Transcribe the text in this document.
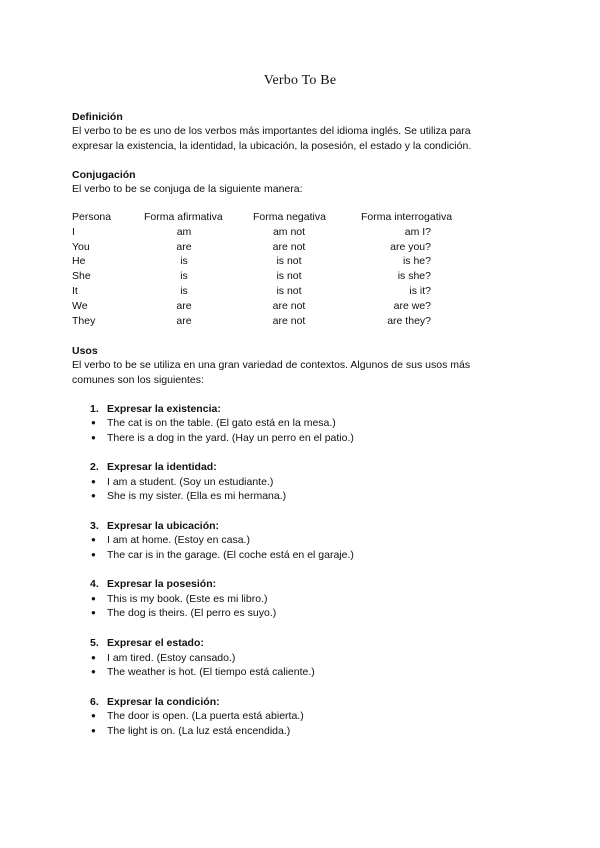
Verbo To Be
Definición
El verbo to be es uno de los verbos más importantes del idioma inglés. Se utiliza para
expresar la existencia, la identidad, la ubicación, la posesión, el estado y la condición.
Conjugación
El verbo to be se conjuga de la siguiente manera:
Persona	Forma afirmativa	Forma negativa	Forma interrogativa
I	am	am not	am I?
You	are	are not	are you?
He	is	is not	is he?
She	is	is not	is she?
It	is	is not	is it?
We	are	are not	are we?
They	are	are not	are they?
Usos
El verbo to be se utiliza en una gran variedad de contextos. Algunos de sus usos más
comunes son los siguientes:
1. Expresar la existencia:
● The cat is on the table. (El gato está en la mesa.)
● There is a dog in the yard. (Hay un perro en el patio.)
2. Expresar la identidad:
● I am a student. (Soy un estudiante.)
● She is my sister. (Ella es mi hermana.)
3. Expresar la ubicación:
● I am at home. (Estoy en casa.)
● The car is in the garage. (El coche está en el garaje.)
4. Expresar la posesión:
● This is my book. (Este es mi libro.)
● The dog is theirs. (El perro es suyo.)
5. Expresar el estado:
● I am tired. (Estoy cansado.)
● The weather is hot. (El tiempo está caliente.)
6. Expresar la condición:
● The door is open. (La puerta está abierta.)
● The light is on. (La luz está encendida.)
